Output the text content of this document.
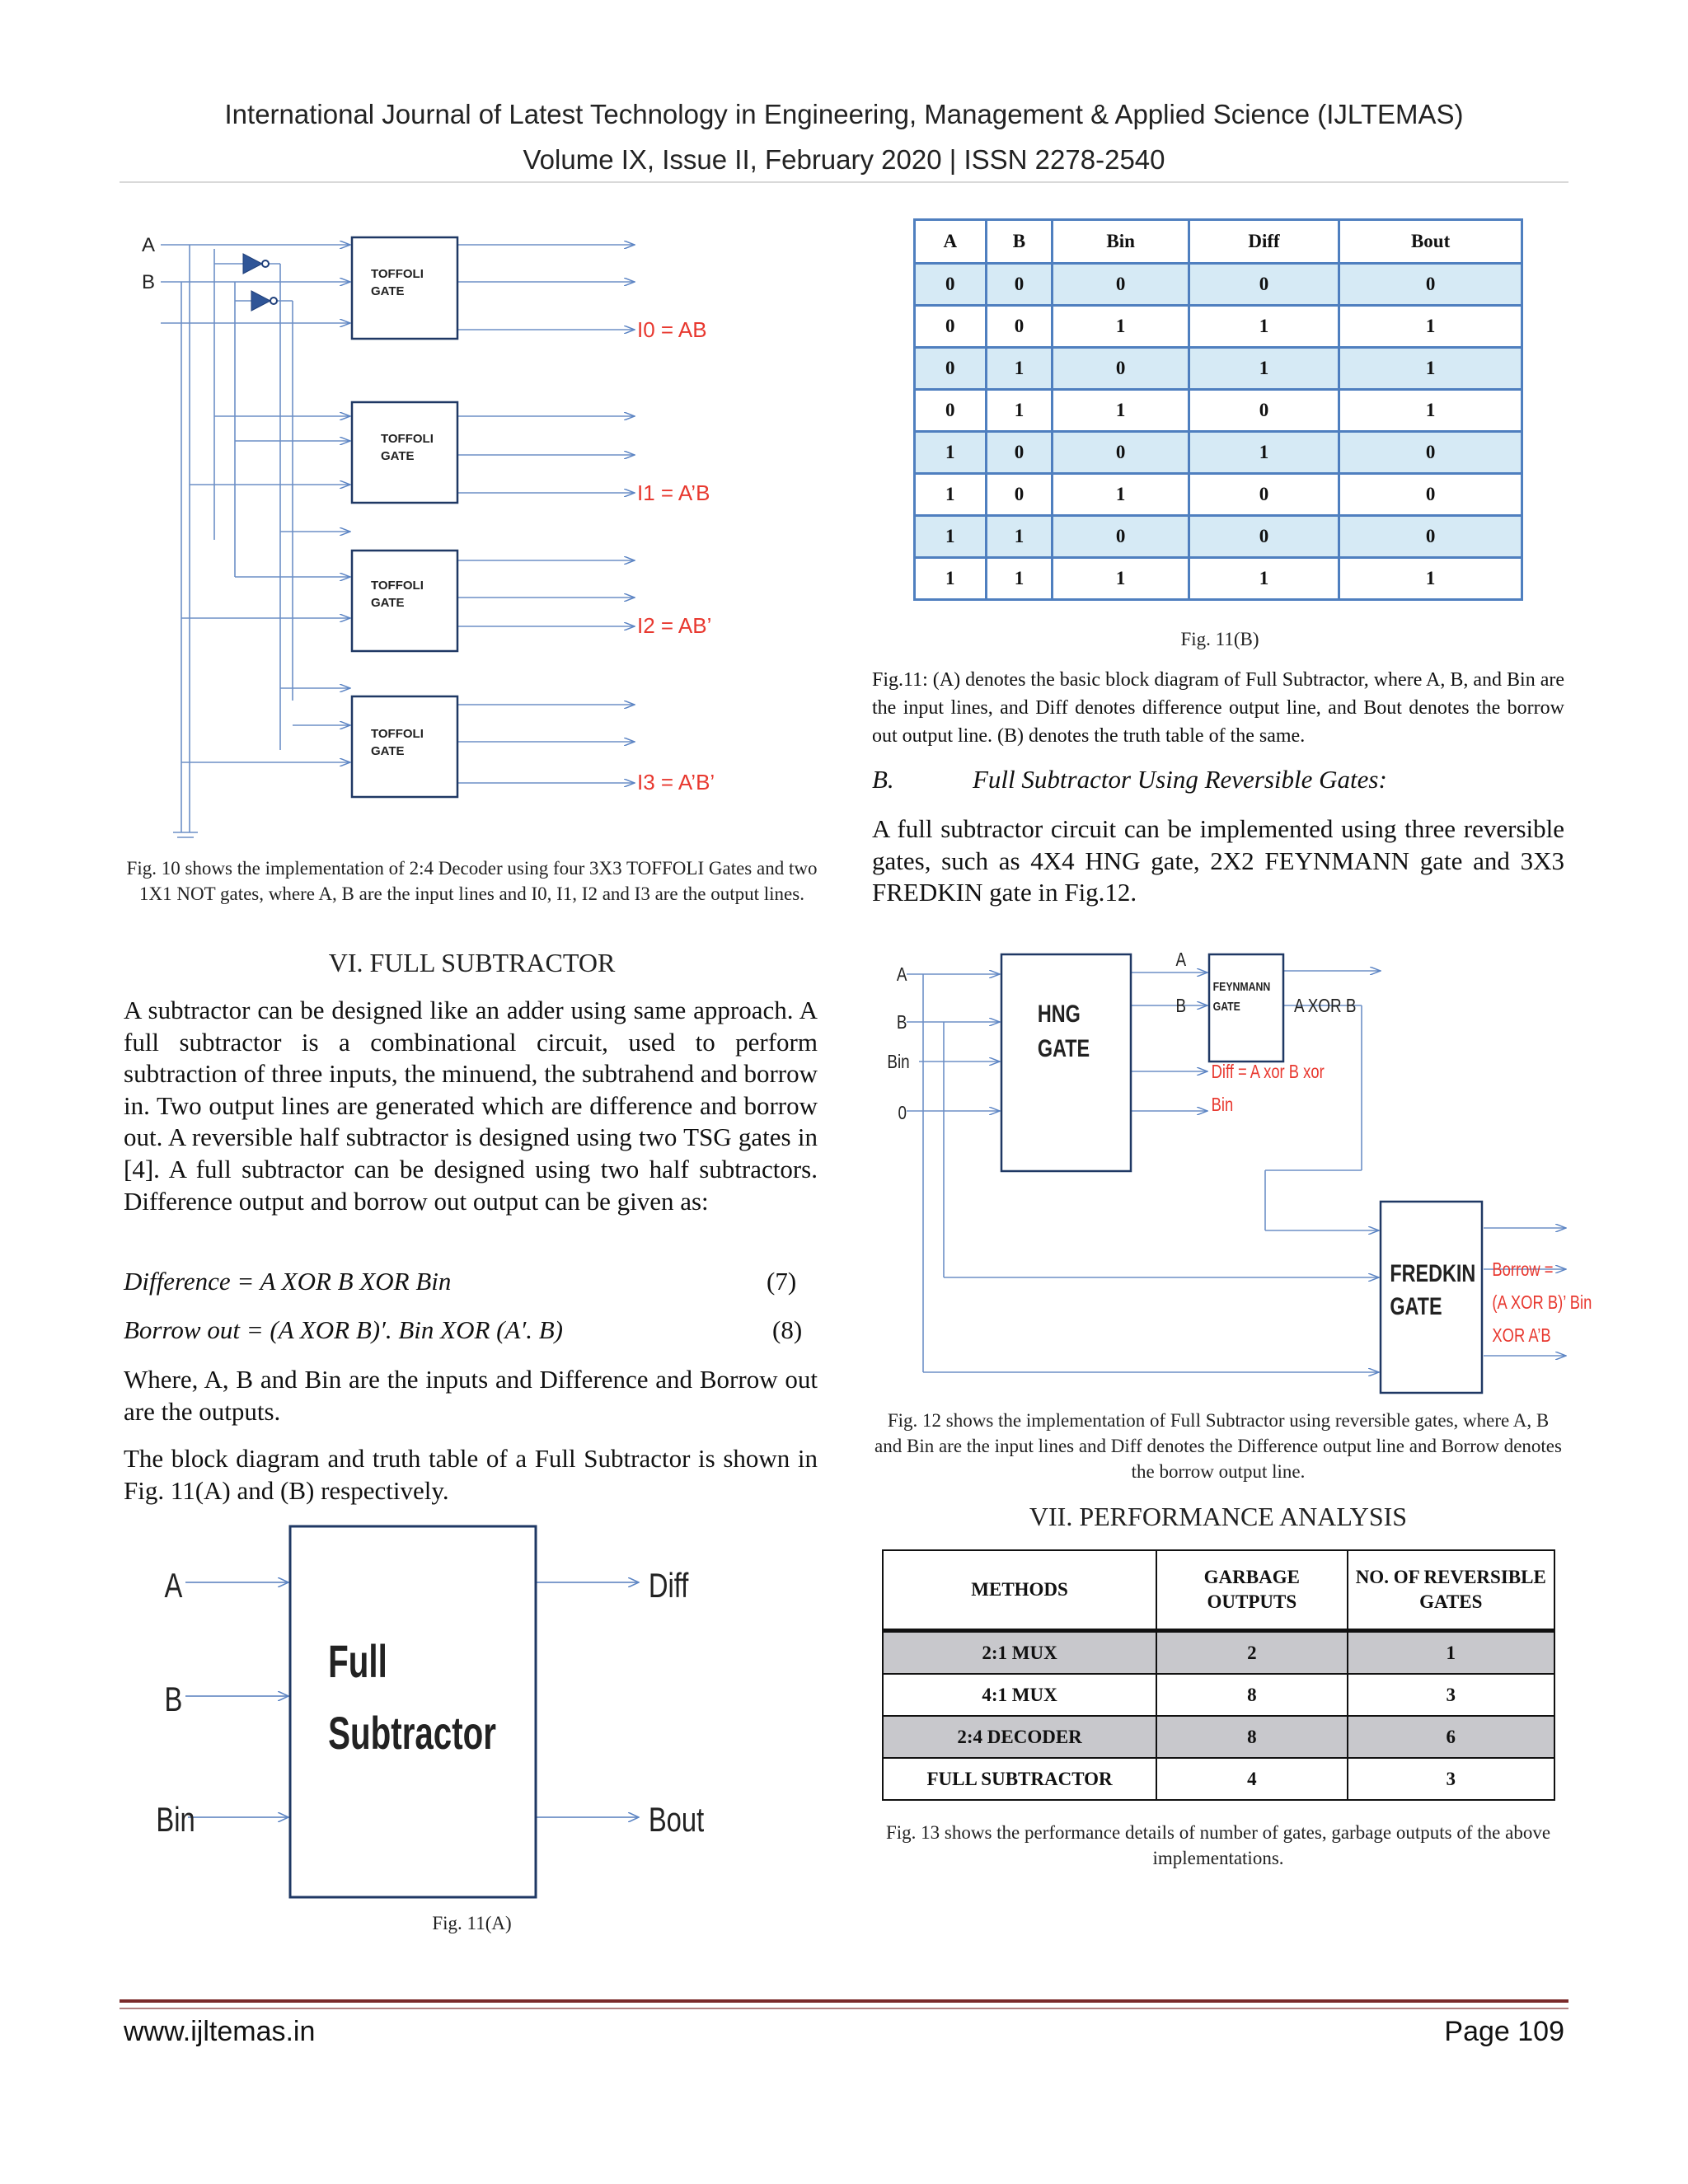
International Journal of Latest Technology in Engineering, Management & Applied Science (IJLTEMAS)
Volume IX, Issue II, February 2020 | ISSN 2278-2540
TOFFOLI
GATE
TOFFOLI
GATE
TOFFOLI
GATE
TOFFOLI
GATE
A
B
I0 = AB
I1 = A’B
I2 = AB’
I3 = A’B’
Fig. 10 shows the implementation of 2:4 Decoder using four 3X3 TOFFOLI Gates and two 1X1 NOT gates, where A, B are the input lines and I0, I1, I2 and I3 are the output lines.
VI. FULL SUBTRACTOR
A subtractor can be designed like an adder using same approach. A full subtractor is a combinational circuit, used to perform subtraction of three inputs, the minuend, the subtrahend and borrow in. Two output lines are generated which are difference and borrow out. A reversible half subtractor is designed using two TSG gates in [4]. A full subtractor can be designed using two half subtractors. Difference output and borrow out output can be given as:
Difference = A XOR B XOR Bin	(7)
Borrow out = (A XOR B)′. Bin XOR (A′. B)	(8)
Where, A, B and Bin are the inputs and Difference and Borrow out are the outputs.
The block diagram and truth table of a Full Subtractor is shown in Fig. 11(A) and (B) respectively.
A
B
Bin
Diff
Bout
Full
Subtractor
Fig. 11(A)
A	B	Bin	Diff	Bout
0	0	0	0	0
0	0	1	1	1
0	1	0	1	1
0	1	1	0	1
1	0	0	1	0
1	0	1	0	0
1	1	0	0	0
1	1	1	1	1
Fig. 11(B)
Fig.11: (A) denotes the basic block diagram of Full Subtractor, where A, B, and Bin are the input lines, and Diff denotes difference output line, and Bout denotes the borrow out output line. (B) denotes the truth table of the same.
B.	Full Subtractor Using Reversible Gates:
A full subtractor circuit can be implemented using three reversible gates, such as 4X4 HNG gate, 2X2 FEYNMANN gate and 3X3 FREDKIN gate in Fig.12.
A
B
Bin
0
A
B	A XOR B
HNG
GATE
FREDKIN
GATE
FEYNMANN
GATE
Diff = A xor B xor
Bin
Borrow =
(A XOR B)’ Bin
XOR A’B
Fig. 12 shows the implementation of Full Subtractor using reversible gates, where A, B and Bin are the input lines and Diff denotes the Difference output line and Borrow denotes the borrow output line.
VII. PERFORMANCE ANALYSIS
METHODS	GARBAGE OUTPUTS	NO. OF REVERSIBLE GATES
2:1 MUX	2	1
4:1 MUX	8	3
2:4 DECODER	8	6
FULL SUBTRACTOR	4	3
Fig. 13 shows the performance details of number of gates, garbage outputs of the above implementations.
www.ijltemas.in	Page 109
